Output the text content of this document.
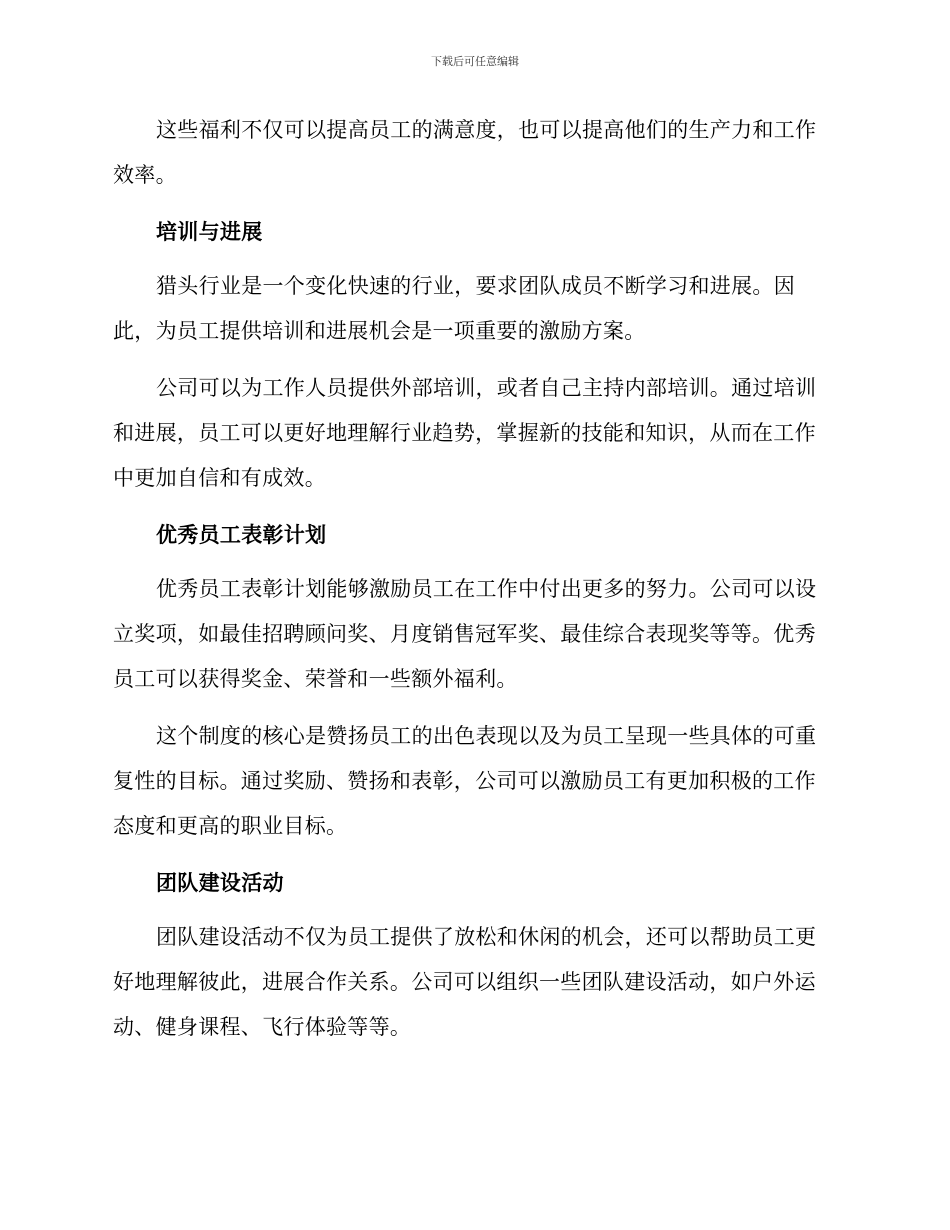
下载后可任意编辑

这些福利不仅可以提高员工的满意度，也可以提高他们的生产力和工作效率。

培训与进展

猎头行业是一个变化快速的行业，要求团队成员不断学习和进展。因此，为员工提供培训和进展机会是一项重要的激励方案。

公司可以为工作人员提供外部培训，或者自己主持内部培训。通过培训和进展，员工可以更好地理解行业趋势，掌握新的技能和知识，从而在工作中更加自信和有成效。

优秀员工表彰计划

优秀员工表彰计划能够激励员工在工作中付出更多的努力。公司可以设立奖项，如最佳招聘顾问奖、月度销售冠军奖、最佳综合表现奖等等。优秀员工可以获得奖金、荣誉和一些额外福利。

这个制度的核心是赞扬员工的出色表现以及为员工呈现一些具体的可重复性的目标。通过奖励、赞扬和表彰，公司可以激励员工有更加积极的工作态度和更高的职业目标。

团队建设活动

团队建设活动不仅为员工提供了放松和休闲的机会，还可以帮助员工更好地理解彼此，进展合作关系。公司可以组织一些团队建设活动，如户外运动、健身课程、飞行体验等等。
